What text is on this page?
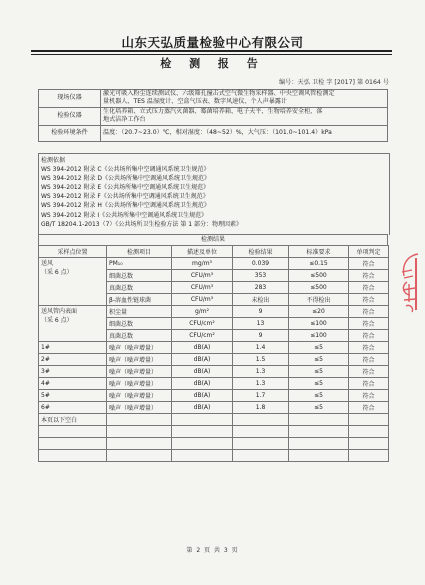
山东天弘质量检验中心有限公司
检 测 报 告
编号：天弘 卫检 字 [2017] 第 0164 号
现场仪器	激光可吸入粉尘连续测试仪、六级筛孔撞击式空气微生物采样器、中央空调风管检测定
量机器人、TES 温湿度计、空盒气压表、数字风速仪、个人声暴露计

检验仪器	生化培养箱、立式压力蒸汽灭菌器、霉菌培养箱、电子天平、生物培养安全柜、落
地式洁净工作台

检验环境条件	温度：（20.7~23.0）℃，相对湿度：（48~52）%，大气压：（101.0~101.4）kPa
检测依据
WS 394-2012 附录 C《公共场所集中空调通风系统卫生规范》
WS 394-2012 附录 D《公共场所集中空调通风系统卫生规范》
WS 394-2012 附录 E《公共场所集中空调通风系统卫生规范》
WS 394-2012 附录 F《公共场所集中空调通风系统卫生规范》
WS 394-2012 附录 H《公共场所集中空调通风系统卫生规范》
WS 394-2012 附录 I《公共场所集中空调通风系统卫生规范》
GB/T 18204.1-2013（7）《公共场所卫生检验方法 第 1 部分：物理因素》
检测结果
采样点位置	检测项目	描述及单位	检验结果	标准要求	单项判定

送风
（采 6 点）	PM₁₀	mg/m³	0.039	≤0.15	符合
	细菌总数	CFU/m³	353	≤500	符合
	真菌总数	CFU/m³	283	≤500	符合
	β-溶血性链球菌	CFU/m³	未检出	不得检出	符合

送风管内表面
（采 6 点）	积尘量	g/m²	9	≤20	符合
	细菌总数	CFU/cm²	13	≤100	符合
	真菌总数	CFU/cm²	9	≤100	符合
1#	噪声（噪声增量）	dB(A)	1.4	≤5	符合
2#	噪声（噪声增量）	dB(A)	1.5	≤5	符合
3#	噪声（噪声增量）	dB(A)	1.3	≤5	符合
4#	噪声（噪声增量）	dB(A)	1.3	≤5	符合
5#	噪声（噪声增量）	dB(A)	1.7	≤5	符合
6#	噪声（噪声增量）	dB(A)	1.8	≤5	符合
本页以下空白					

第 2 页 共 3 页
